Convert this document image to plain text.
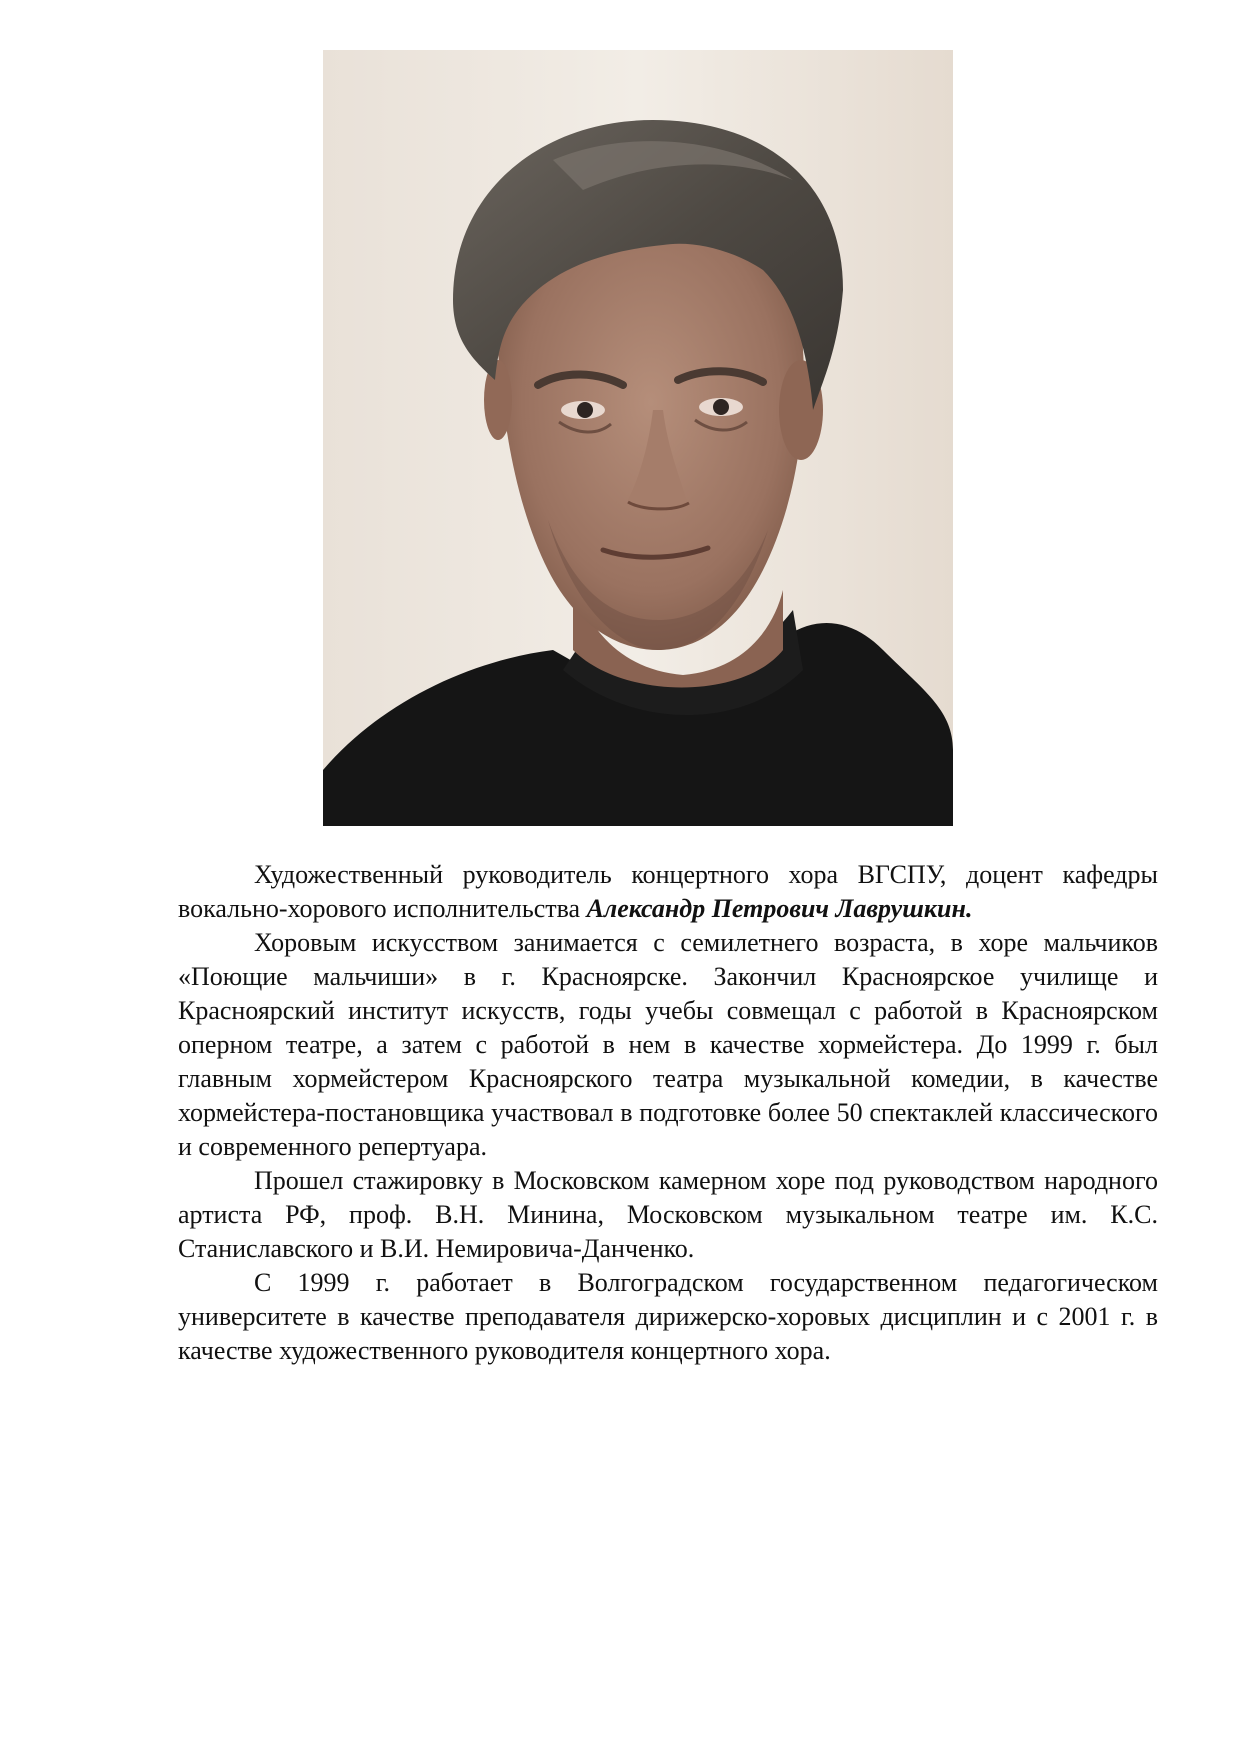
Художественный руководитель концертного хора ВГСПУ, доцент кафедры вокально-хорового исполнительства Александр Петрович Лаврушкин.

Хоровым искусством занимается с семилетнего возраста, в хоре мальчиков «Поющие мальчиши» в г. Красноярске. Закончил Красноярское училище и Красноярский институт искусств, годы учебы совмещал с работой в Красноярском оперном театре, а затем с работой в нем в качестве хормейстера. До 1999 г. был главным хормейстером Красноярского театра музыкальной комедии, в качестве хормейстера-постановщика участвовал в подготовке более 50 спектаклей классического и современного репертуара.

Прошел стажировку в Московском камерном хоре под руководством народного артиста РФ, проф. В.Н. Минина, Московском музыкальном театре им. К.С. Станиславского и В.И. Немировича-Данченко.

С 1999 г. работает в Волгоградском государственном педагогическом университете в качестве преподавателя дирижерско-хоровых дисциплин и с 2001 г. в качестве художественного руководителя концертного хора.
